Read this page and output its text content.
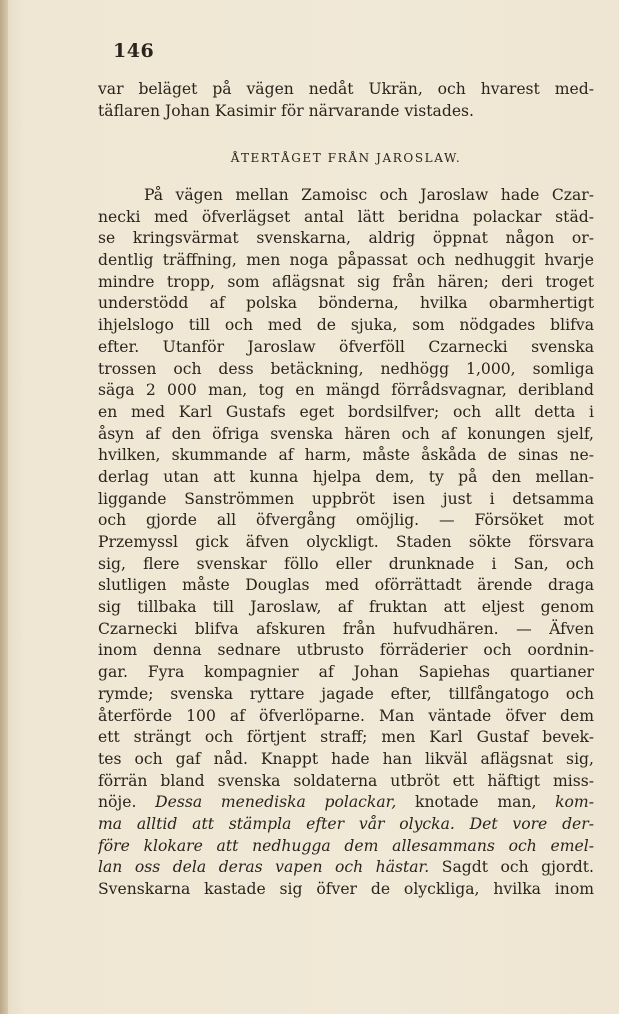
146
var beläget på vägen nedåt Ukrän, och hvarest med-
täflaren Johan Kasimir för närvarande vistades.
ÅTERTÅGET FRÅN JAROSLAW.
På vägen mellan Zamoisc och Jaroslaw hade Czar-
necki med öfverlägset antal lätt beridna polackar städ-
se kringsvärmat svenskarna, aldrig öppnat någon or-
dentlig träffning, men noga påpassat och nedhuggit hvarje
mindre tropp, som aflägsnat sig från hären; deri troget
understödd af polska bönderna, hvilka obarmhertigt
ihjelslogo till och med de sjuka, som nödgades blifva
efter. Utanför Jaroslaw öfverföll Czarnecki svenska
trossen och dess betäckning, nedhögg 1,000, somliga
säga 2 000 man, tog en mängd förrådsvagnar, deribland
en med Karl Gustafs eget bordsilfver; och allt detta i
åsyn af den öfriga svenska hären och af konungen sjelf,
hvilken, skummande af harm, måste åskåda de sinas ne-
derlag utan att kunna hjelpa dem, ty på den mellan-
liggande Sanströmmen uppbröt isen just i detsamma
och gjorde all öfvergång omöjlig. — Försöket mot
Przemyssl gick äfven olyckligt. Staden sökte försvara
sig, flere svenskar föllo eller drunknade i San, och
slutligen måste Douglas med oförrättadt ärende draga
sig tillbaka till Jaroslaw, af fruktan att eljest genom
Czarnecki blifva afskuren från hufvudhären. — Äfven
inom denna sednare utbrusto förräderier och oordnin-
gar. Fyra kompagnier af Johan Sapiehas quartianer
rymde; svenska ryttare jagade efter, tillfångatogo och
återförde 100 af öfverlöparne. Man väntade öfver dem
ett strängt och förtjent straff; men Karl Gustaf bevek-
tes och gaf nåd. Knappt hade han likväl aflägsnat sig,
förrän bland svenska soldaterna utbröt ett häftigt miss-
nöje. Dessa menediska polackar, knotade man, kom-
ma alltid att stämpla efter vår olycka. Det vore der-
före klokare att nedhugga dem allesammans och emel-
lan oss dela deras vapen och hästar. Sagdt och gjordt.
Svenskarna kastade sig öfver de olyckliga, hvilka inom
